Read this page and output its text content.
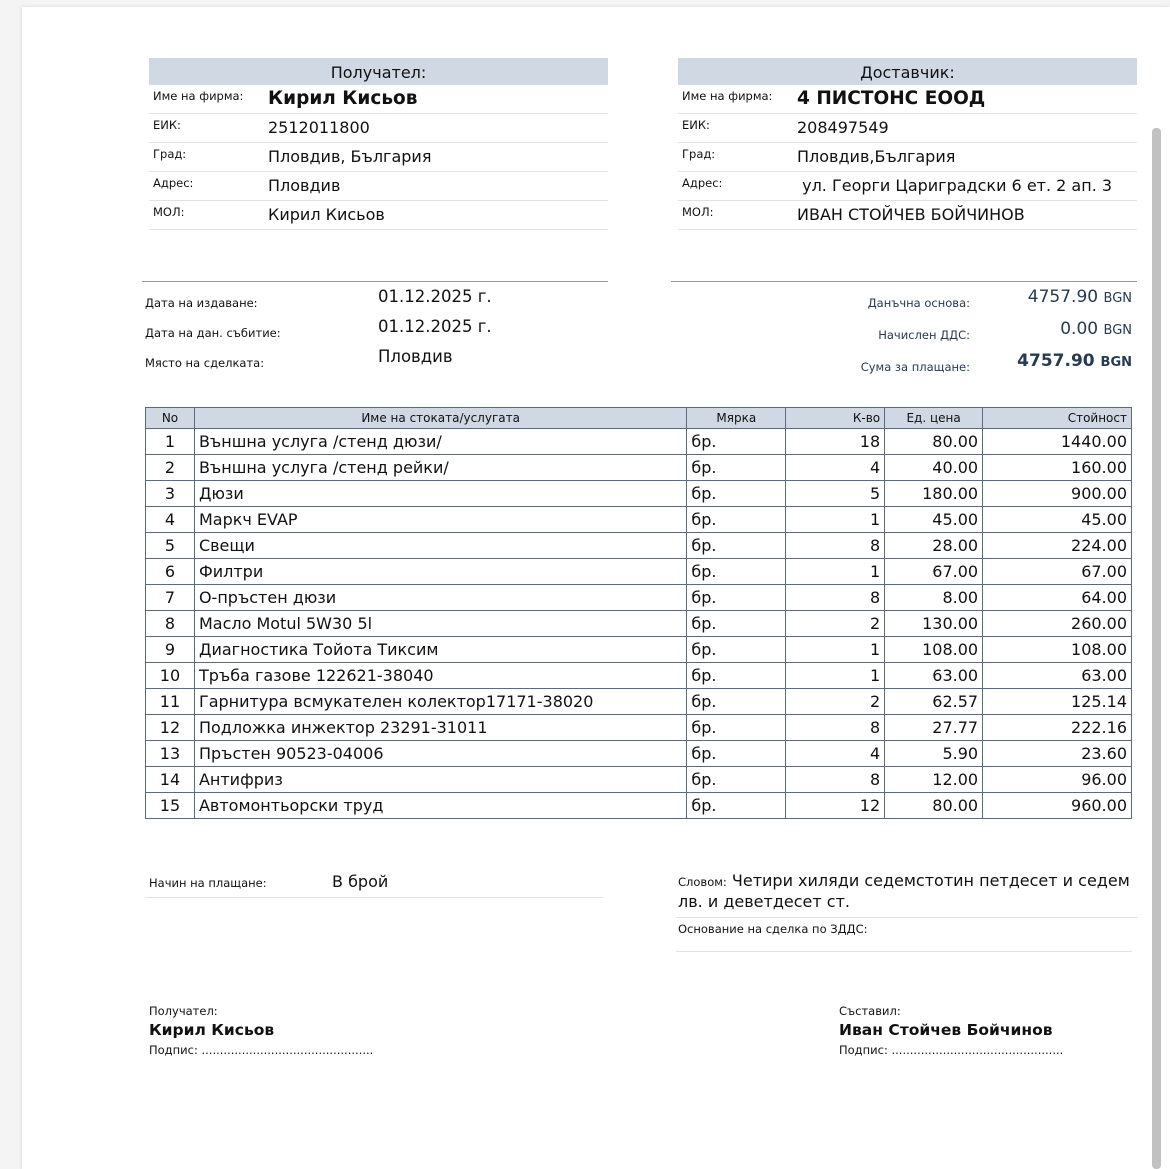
Получател:
Име на фирма: Кирил Кисьов
ЕИК:	2512011800
Град:	Пловдив, България
Адрес:	Пловдив
МОЛ:	Кирил Кисьов
Доставчик:
Име на фирма: 4 ПИСТОНС ЕООД
ЕИК:	208497549
Град:	Пловдив,България
Адрес:	ул. Георги Цариградски 6 ет. 2 ап. 3
МОЛ:	ИВАН СТОЙЧЕВ БОЙЧИНОВ
Дата на издаване:	01.12.2025 г.
Дата на дан. събитие:	01.12.2025 г.
Място на сделката:	Пловдив
Данъчна основа:	4757.90 BGN
Начислен ДДС:	0.00 BGN
Сума за плащане:	4757.90 BGN
No	Име на стоката/услугата	Мярка	К-во	Ед. цена	Стойност
1	Външна услуга /стенд дюзи/	бр.	18	80.00	1440.00
2	Външна услуга /стенд рейки/	бр.	4	40.00	160.00
3	Дюзи	бр.	5	180.00	900.00
4	Маркч EVAP	бр.	1	45.00	45.00
5	Свещи	бр.	8	28.00	224.00
6	Филтри	бр.	1	67.00	67.00
7	О-пръстен дюзи	бр.	8	8.00	64.00
8	Масло Motul 5W30 5l	бр.	2	130.00	260.00
9	Диагностика Тойота Тиксим	бр.	1	108.00	108.00
10	Тръба газове 122621-38040	бр.	1	63.00	63.00
11	Гарнитура всмукателен колектор17171-38020	бр.	2	62.57	125.14
12	Подложка инжектор 23291-31011	бр.	8	27.77	222.16
13	Пръстен 90523-04006	бр.	4	5.90	23.60
14	Антифриз	бр.	8	12.00	96.00
15	Автомонтьорски труд	бр.	12	80.00	960.00
Начин на плащане:	В брой	Словом: Четири хиляди седемстотин петдесет и седем лв. и деветдесет ст.
Основание на сделка по ЗДДС:
Получател:
Кирил Кисьов
Подпис: ...............................................
Съставил:
Иван Стойчев Бойчинов
Подпис: ...............................................
